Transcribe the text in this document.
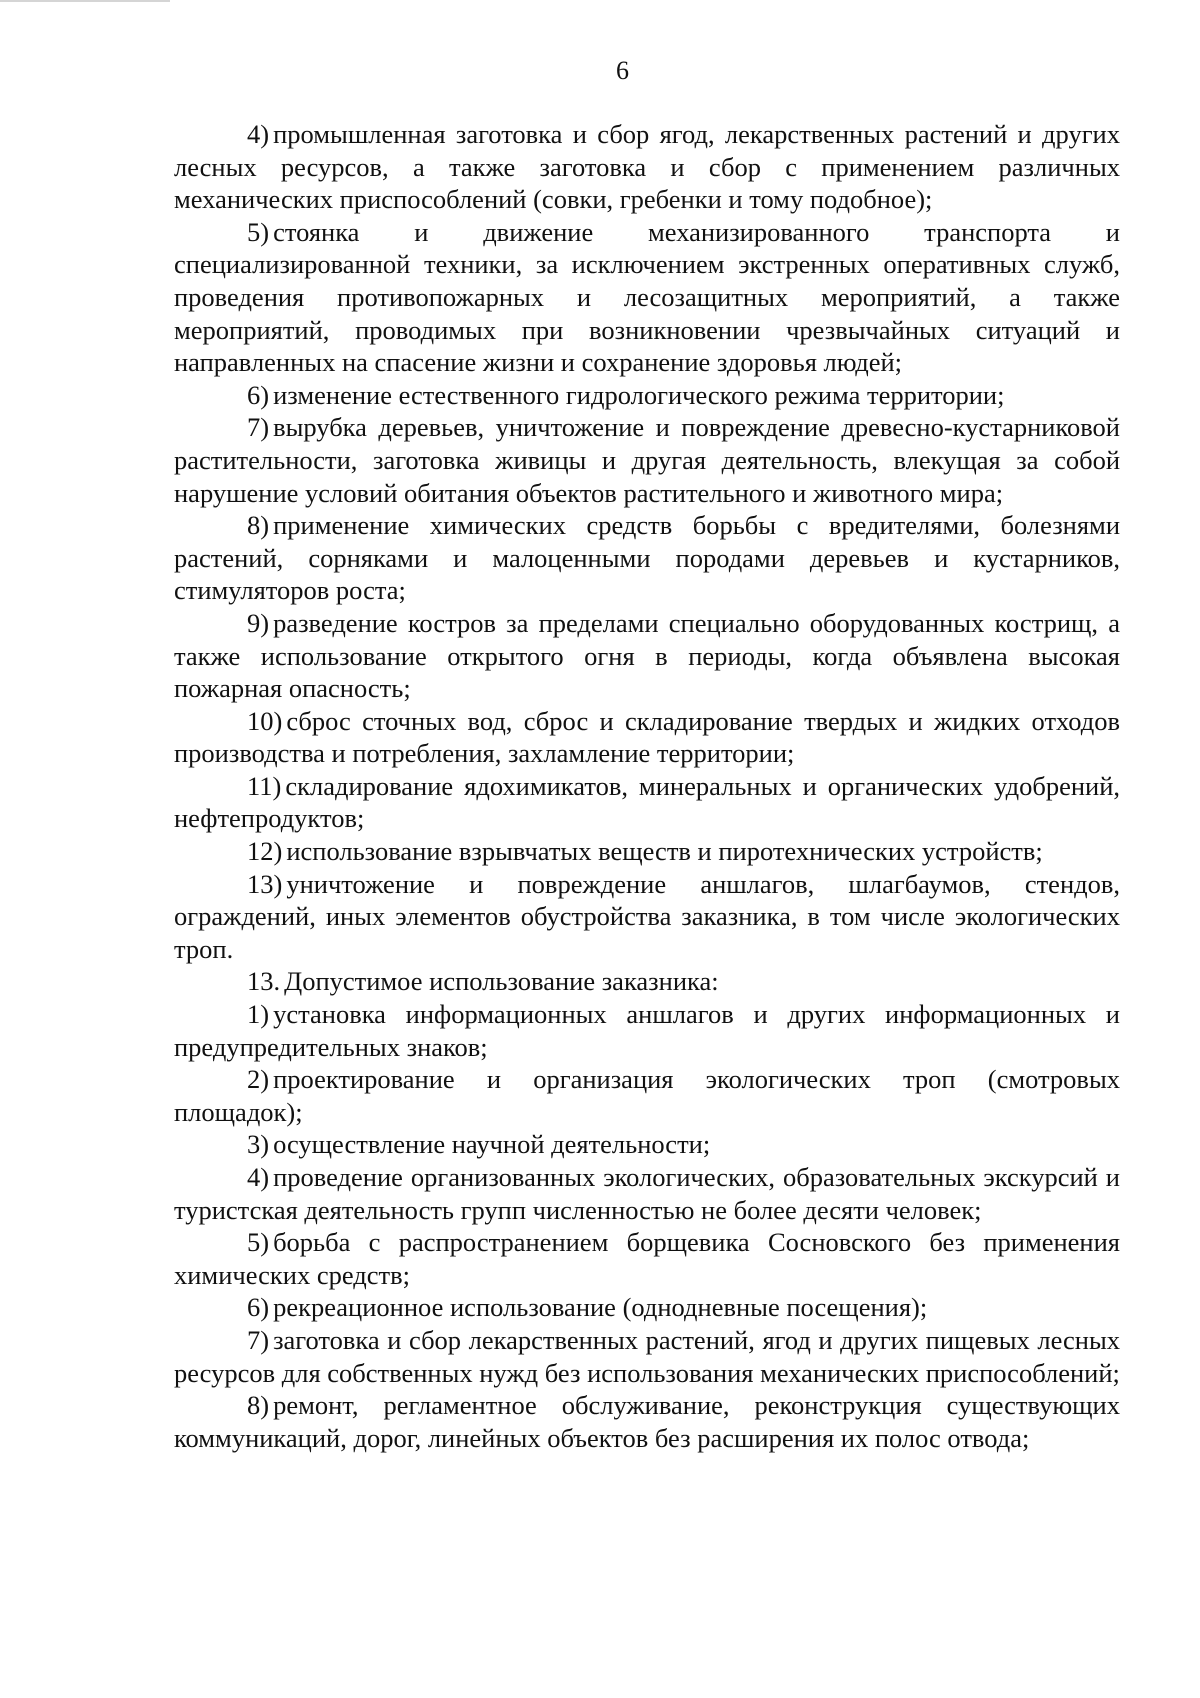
6

4) промышленная заготовка и сбор ягод, лекарственных растений и других лесных ресурсов, а также заготовка и сбор с применением различных механических приспособлений (совки, гребенки и тому подобное);

5) стоянка и движение механизированного транспорта и специализированной техники, за исключением экстренных оперативных служб, проведения противопожарных и лесозащитных мероприятий, а также мероприятий, проводимых при возникновении чрезвычайных ситуаций и направленных на спасение жизни и сохранение здоровья людей;

6) изменение естественного гидрологического режима территории;

7) вырубка деревьев, уничтожение и повреждение древесно-кустарниковой растительности, заготовка живицы и другая деятельность, влекущая за собой нарушение условий обитания объектов растительного и животного мира;

8) применение химических средств борьбы с вредителями, болезнями растений, сорняками и малоценными породами деревьев и кустарников, стимуляторов роста;

9) разведение костров за пределами специально оборудованных кострищ, а также использование открытого огня в периоды, когда объявлена высокая пожарная опасность;

10) сброс сточных вод, сброс и складирование твердых и жидких отходов производства и потребления, захламление территории;

11) складирование ядохимикатов, минеральных и органических удобрений, нефтепродуктов;

12) использование взрывчатых веществ и пиротехнических устройств;

13) уничтожение и повреждение аншлагов, шлагбаумов, стендов, ограждений, иных элементов обустройства заказника, в том числе экологических троп.

13. Допустимое использование заказника:

1) установка информационных аншлагов и других информационных и предупредительных знаков;

2) проектирование и организация экологических троп (смотровых площадок);

3) осуществление научной деятельности;

4) проведение организованных экологических, образовательных экскурсий и туристская деятельность групп численностью не более десяти человек;

5) борьба с распространением борщевика Сосновского без применения химических средств;

6) рекреационное использование (однодневные посещения);

7) заготовка и сбор лекарственных растений, ягод и других пищевых лесных ресурсов для собственных нужд без использования механических приспособлений;

8) ремонт, регламентное обслуживание, реконструкция существующих коммуникаций, дорог, линейных объектов без расширения их полос отвода;
